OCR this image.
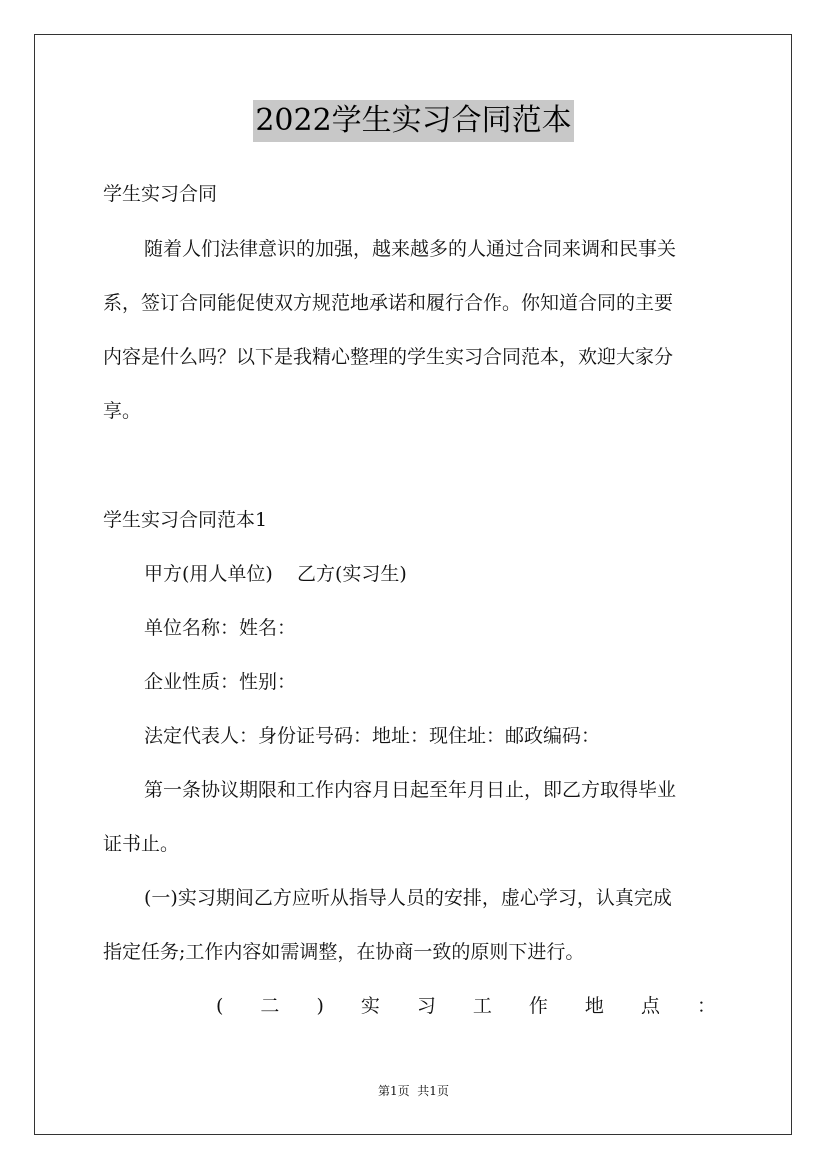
2022学生实习合同范本
学生实习合同
随着人们法律意识的加强，越来越多的人通过合同来调和民事关
系，签订合同能促使双方规范地承诺和履行合作。你知道合同的主要
内容是什么吗？以下是我精心整理的学生实习合同范本，欢迎大家分
享。
学生实习合同范本1
甲方(用人单位)    乙方(实习生)
单位名称：姓名：
企业性质：性别：
法定代表人：身份证号码：地址：现住址：邮政编码：
第一条协议期限和工作内容月日起至年月日止，即乙方取得毕业
证书止。
(一)实习期间乙方应听从指导人员的安排，虚心学习，认真完成
指定任务;工作内容如需调整，在协商一致的原则下进行。
( 二 ) 实 习 工 作 地 点 ：
第1页  共1页
